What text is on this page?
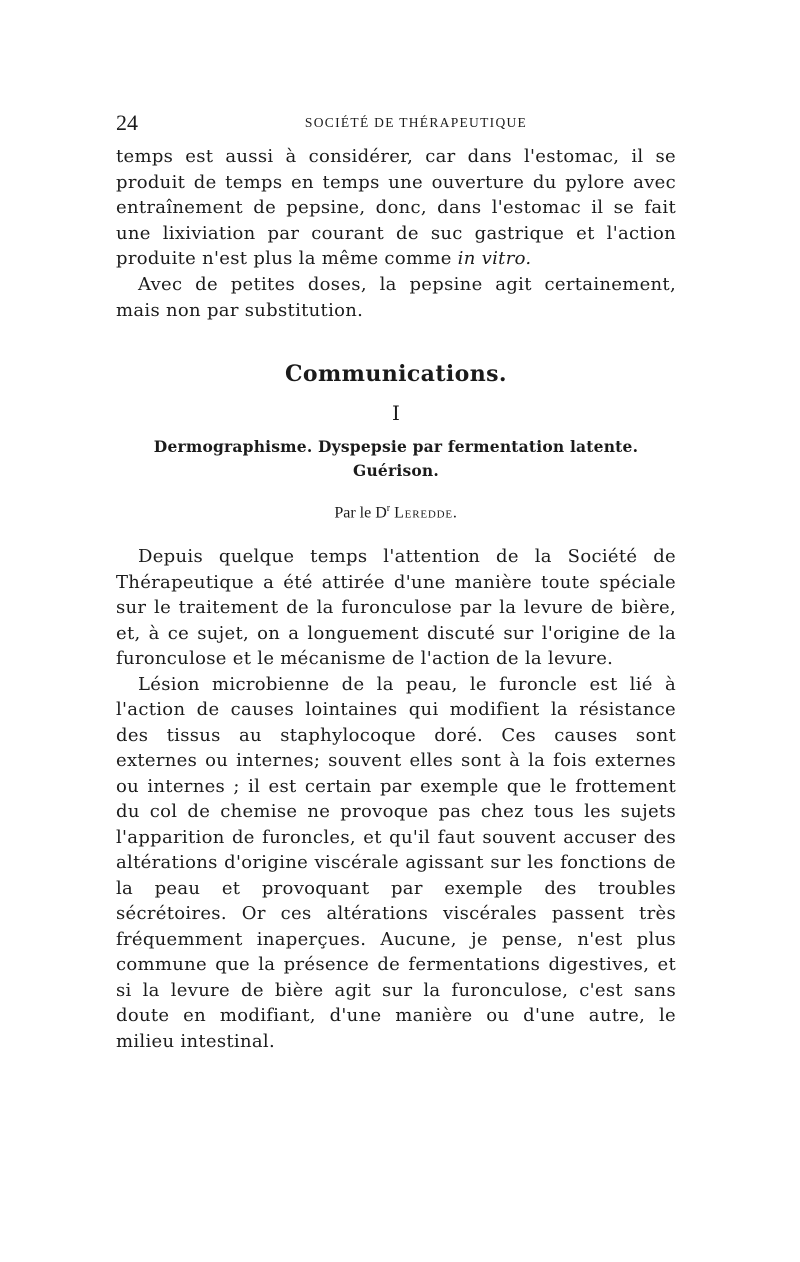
24	SOCIÉTÉ DE THÉRAPEUTIQUE

temps est aussi à considérer, car dans l'estomac, il se produit de temps en temps une ouverture du pylore avec entraînement de pepsine, donc, dans l'estomac il se fait une lixiviation par courant de suc gastrique et l'action produite n'est plus la même comme in vitro.

Avec de petites doses, la pepsine agit certainement, mais non par substitution.

Communications.
I
Dermographisme. Dyspepsie par fermentation latente.
Guérison.
Par le $D^r$ Leredde.

Depuis quelque temps l'attention de la Société de Thérapeutique a été attirée d'une manière toute spéciale sur le traitement de la furonculose par la levure de bière, et, à ce sujet, on a longuement discuté sur l'origine de la furonculose et le mécanisme de l'action de la levure.

Lésion microbienne de la peau, le furoncle est lié à l'action de causes lointaines qui modifient la résistance des tissus au staphylocoque doré. Ces causes sont externes ou internes; souvent elles sont à la fois externes ou internes ; il est certain par exemple que le frottement du col de chemise ne provoque pas chez tous les sujets l'apparition de furoncles, et qu'il faut souvent accuser des altérations d'origine viscérale agissant sur les fonctions de la peau et provoquant par exemple des troubles sécrétoires. Or ces altérations viscérales passent très fréquemment inaperçues. Aucune, je pense, n'est plus commune que la présence de fermentations digestives, et si la levure de bière agit sur la furonculose, c'est sans doute en modifiant, d'une manière ou d'une autre, le milieu intestinal.
